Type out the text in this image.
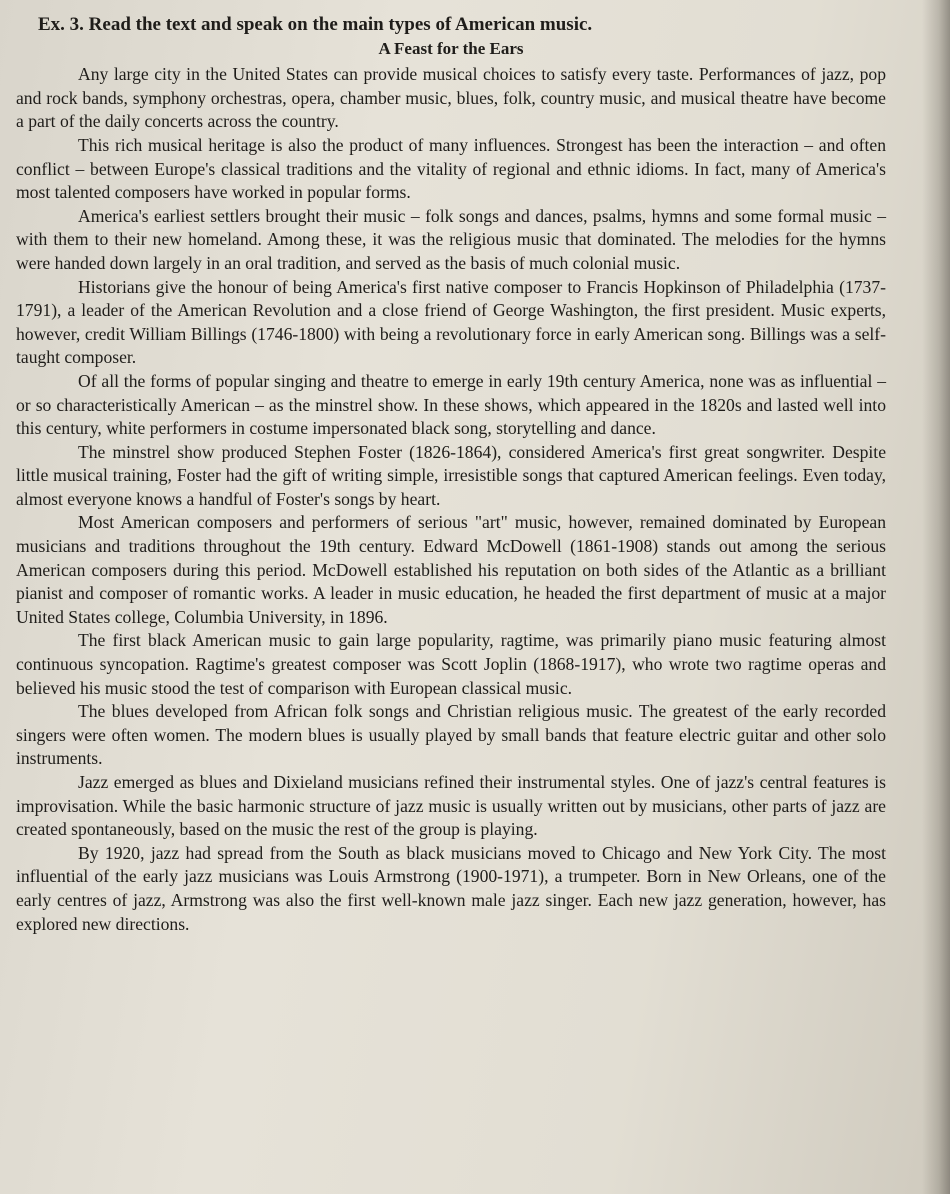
Ex. 3. Read the text and speak on the main types of American music.
A Feast for the Ears

Any large city in the United States can provide musical choices to satisfy every taste. Performances of jazz, pop and rock bands, symphony orchestras, opera, chamber music, blues, folk, country music, and musical theatre have become a part of the daily concerts across the country.

This rich musical heritage is also the product of many influences. Strongest has been the interaction – and often conflict – between Europe's classical traditions and the vitality of regional and ethnic idioms. In fact, many of America's most talented composers have worked in popular forms.

America's earliest settlers brought their music – folk songs and dances, psalms, hymns and some formal music – with them to their new homeland. Among these, it was the religious music that dominated. The melodies for the hymns were handed down largely in an oral tradition, and served as the basis of much colonial music.

Historians give the honour of being America's first native composer to Francis Hopkinson of Philadelphia (1737-1791), a leader of the American Revolution and a close friend of George Washington, the first president. Music experts, however, credit William Billings (1746-1800) with being a revolutionary force in early American song. Billings was a self-taught composer.

Of all the forms of popular singing and theatre to emerge in early 19th century America, none was as influential – or so characteristically American – as the minstrel show. In these shows, which appeared in the 1820s and lasted well into this century, white performers in costume impersonated black song, storytelling and dance.

The minstrel show produced Stephen Foster (1826-1864), considered America's first great songwriter. Despite little musical training, Foster had the gift of writing simple, irresistible songs that captured American feelings. Even today, almost everyone knows a handful of Foster's songs by heart.

Most American composers and performers of serious "art" music, however, remained dominated by European musicians and traditions throughout the 19th century. Edward McDowell (1861-1908) stands out among the serious American composers during this period. McDowell established his reputation on both sides of the Atlantic as a brilliant pianist and composer of romantic works. A leader in music education, he headed the first department of music at a major United States college, Columbia University, in 1896.

The first black American music to gain large popularity, ragtime, was primarily piano music featuring almost continuous syncopation. Ragtime's greatest composer was Scott Joplin (1868-1917), who wrote two ragtime operas and believed his music stood the test of comparison with European classical music.

The blues developed from African folk songs and Christian religious music. The greatest of the early recorded singers were often women. The modern blues is usually played by small bands that feature electric guitar and other solo instruments.

Jazz emerged as blues and Dixieland musicians refined their instrumental styles. One of jazz's central features is improvisation. While the basic harmonic structure of jazz music is usually written out by musicians, other parts of jazz are created spontaneously, based on the music the rest of the group is playing.

By 1920, jazz had spread from the South as black musicians moved to Chicago and New York City. The most influential of the early jazz musicians was Louis Armstrong (1900-1971), a trumpeter. Born in New Orleans, one of the early centres of jazz, Armstrong was also the first well-known male jazz singer. Each new jazz generation, however, has explored new directions.
